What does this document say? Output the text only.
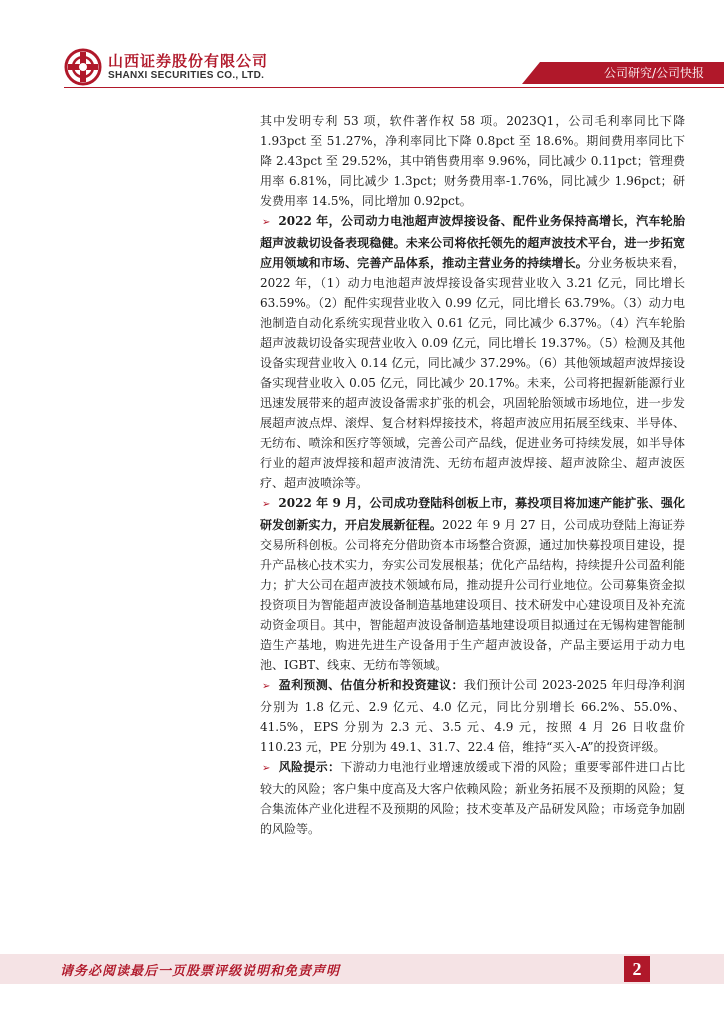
山西证券股份有限公司
SHANXI SECURITIES CO., LTD.	公司研究/公司快报

其中发明专利 53 项，软件著作权 58 项。2023Q1，公司毛利率同比下降 1.93pct 至 51.27%，净利率同比下降 0.8pct 至 18.6%。期间费用率同比下降 2.43pct 至 29.52%，其中销售费用率 9.96%，同比减少 0.11pct；管理费用率 6.81%，同比减少 1.3pct；财务费用率-1.76%，同比减少 1.96pct；研发费用率 14.5%，同比增加 0.92pct。

➢ 2022 年，公司动力电池超声波焊接设备、配件业务保持高增长，汽车轮胎超声波裁切设备表现稳健。未来公司将依托领先的超声波技术平台，进一步拓宽应用领域和市场、完善产品体系，推动主营业务的持续增长。分业务板块来看，2022 年，（1）动力电池超声波焊接设备实现营业收入 3.21 亿元，同比增长 63.59%。（2）配件实现营业收入 0.99 亿元，同比增长 63.79%。（3）动力电池制造自动化系统实现营业收入 0.61 亿元，同比减少 6.37%。（4）汽车轮胎超声波裁切设备实现营业收入 0.09 亿元，同比增长 19.37%。（5）检测及其他设备实现营业收入 0.14 亿元，同比减少 37.29%。（6）其他领域超声波焊接设备实现营业收入 0.05 亿元，同比减少 20.17%。未来，公司将把握新能源行业迅速发展带来的超声波设备需求扩张的机会，巩固轮胎领域市场地位，进一步发展超声波点焊、滚焊、复合材料焊接技术，将超声波应用拓展至线束、半导体、无纺布、喷涂和医疗等领域，完善公司产品线，促进业务可持续发展，如半导体行业的超声波焊接和超声波清洗、无纺布超声波焊接、超声波除尘、超声波医疗、超声波喷涂等。

➢ 2022 年 9 月，公司成功登陆科创板上市，募投项目将加速产能扩张、强化研发创新实力，开启发展新征程。2022 年 9 月 27 日，公司成功登陆上海证券交易所科创板。公司将充分借助资本市场整合资源，通过加快募投项目建设，提升产品核心技术实力，夯实公司发展根基；优化产品结构，持续提升公司盈利能力；扩大公司在超声波技术领域布局，推动提升公司行业地位。公司募集资金拟投资项目为智能超声波设备制造基地建设项目、技术研发中心建设项目及补充流动资金项目。其中，智能超声波设备制造基地建设项目拟通过在无锡构建智能制造生产基地，购进先进生产设备用于生产超声波设备，产品主要运用于动力电池、IGBT、线束、无纺布等领域。

➢ 盈利预测、估值分析和投资建议：我们预计公司 2023-2025 年归母净利润分别为 1.8 亿元、2.9 亿元、4.0 亿元，同比分别增长 66.2%、55.0%、41.5%，EPS 分别为 2.3 元、3.5 元、4.9 元，按照 4 月 26 日收盘价 110.23 元，PE 分别为 49.1、31.7、22.4 倍，维持“买入-A”的投资评级。

➢ 风险提示：下游动力电池行业增速放缓或下滑的风险；重要零部件进口占比较大的风险；客户集中度高及大客户依赖风险；新业务拓展不及预期的风险；复合集流体产业化进程不及预期的风险；技术变革及产品研发风险；市场竞争加剧的风险等。

请务必阅读最后一页股票评级说明和免责声明	2
